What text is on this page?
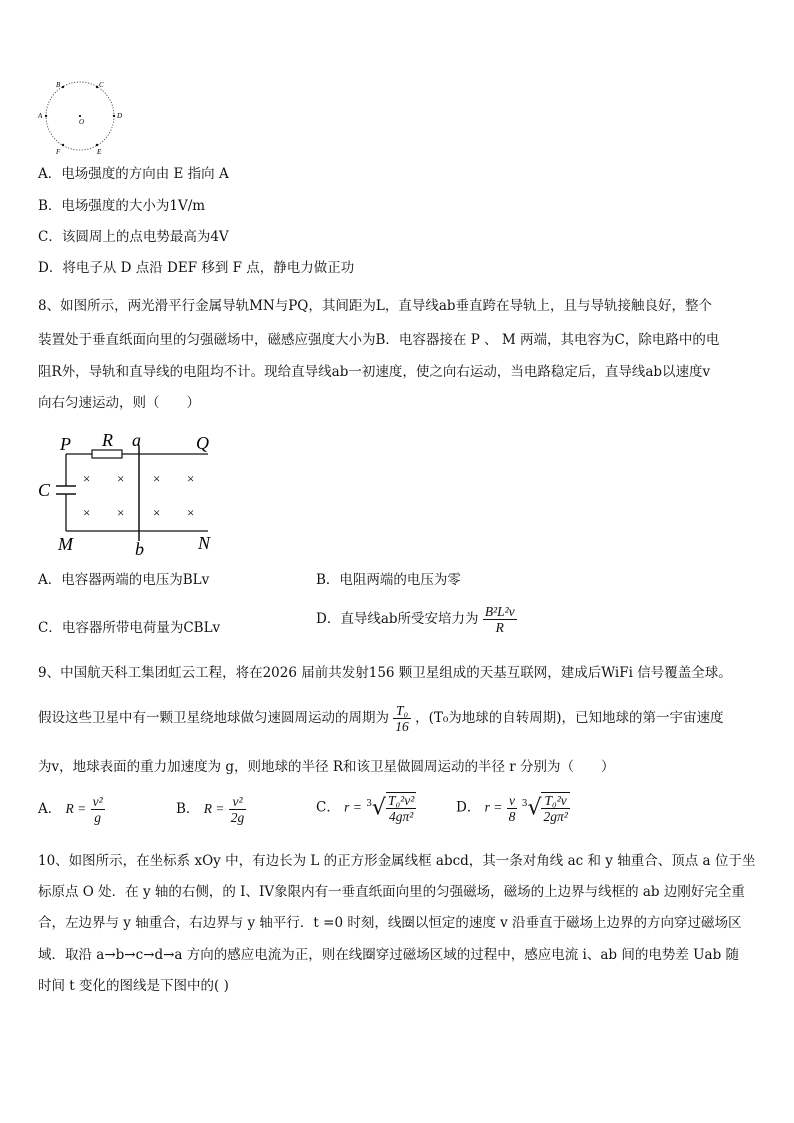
B	C
A
O
D
F	E
A．电场强度的方向由 E 指向 A
B．电场强度的大小为1V/m
C．该圆周上的点电势最高为4V
D．将电子从 D 点沿 DEF 移到 F 点，静电力做正功
8、如图所示，两光滑平行金属导轨MN与PQ，其间距为L，直导线ab垂直跨在导轨上，且与导轨接触良好，整个
装置处于垂直纸面向里的匀强磁场中，磁感应强度大小为B．电容器接在 P 、 M 两端，其电容为C，除电路中的电
阻R外，导轨和直导线的电阻均不计。现给直导线ab一初速度，使之向右运动，当电路稳定后，直导线ab以速度v
向右匀速运动，则（　　）
× × × ×
× × × ×
P R a	Q
C
M	b	N
A．电容器两端的电压为BLv	B．电阻两端的电压为零
C．电容器所带电荷量为CBLv
D．直导线ab所受安培力为 $\frac{\text{B²L²v}}{R}$
9、中国航天科工集团虹云工程，将在2026 届前共发射156 颗卫星组成的天基互联网，建成后WiFi 信号覆盖全球。
假设这些卫星中有一颗卫星绕地球做匀速圆周运动的周期为 $\frac{\text{T₀}}{16}$ ，(T₀为地球的自转周期)，已知地球的第一宇宙速度
为v，地球表面的重力加速度为 g，则地球的半径 R和该卫星做圆周运动的半径 r 分别为（　　）
A． $R = \frac{\text{v²}}{g}$	B． $R = \frac{\text{v²}}{2g}$	C． $r = ^3√ \frac{\text{T₀²v²}}{\text{4gπ²}}$	D． $r = \frac{v}{8} ^3√ \frac{\text{T₀²v}}{\text{2gπ²}}$
10、如图所示，在坐标系 xOy 中，有边长为 L 的正方形金属线框 abcd，其一条对角线 ac 和 y 轴重合、顶点 a 位于坐
标原点 O 处．在 y 轴的右侧，的 I、IV象限内有一垂直纸面向里的匀强磁场，磁场的上边界与线框的 ab 边刚好完全重
合，左边界与 y 轴重合，右边界与 y 轴平行．t =0 时刻，线圈以恒定的速度 v 沿垂直于磁场上边界的方向穿过磁场区
域．取沿 a→b→c→d→a 方向的感应电流为正，则在线圈穿过磁场区域的过程中，感应电流 i、ab 间的电势差 Uab 随
时间 t 变化的图线是下图中的( )
